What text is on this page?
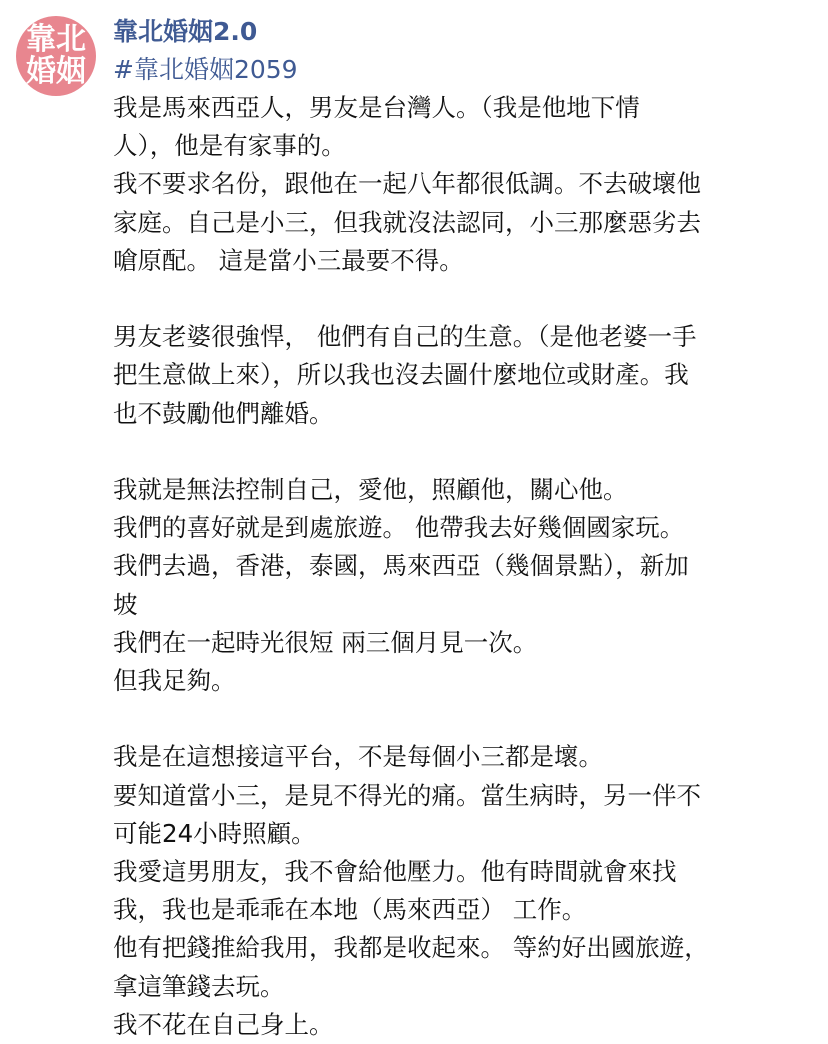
靠北婚姻
靠北婚姻2.0
#靠北婚姻2059
我是馬來西亞人，男友是台灣人。（我是他地下情
人），他是有家事的。
我不要求名份，跟他在一起八年都很低調。不去破壞他
家庭。自己是小三，但我就沒法認同，小三那麼惡劣去
嗆原配。 這是當小三最要不得。
男友老婆很強悍， 他們有自己的生意。（是他老婆一手
把生意做上來），所以我也沒去圖什麼地位或財產。我
也不鼓勵他們離婚。
我就是無法控制自己，愛他，照顧他，關心他。
我們的喜好就是到處旅遊。 他帶我去好幾個國家玩。
我們去過，香港，泰國，馬來西亞（幾個景點），新加
坡
我們在一起時光很短 兩三個月見一次。
但我足夠。
我是在這想接這平台，不是每個小三都是壞。
要知道當小三，是見不得光的痛。當生病時，另一伴不
可能24小時照顧。
我愛這男朋友，我不會給他壓力。他有時間就會來找
我，我也是乖乖在本地（馬來西亞） 工作。
他有把錢推給我用，我都是收起來。 等約好出國旅遊，
拿這筆錢去玩。
我不花在自己身上。
